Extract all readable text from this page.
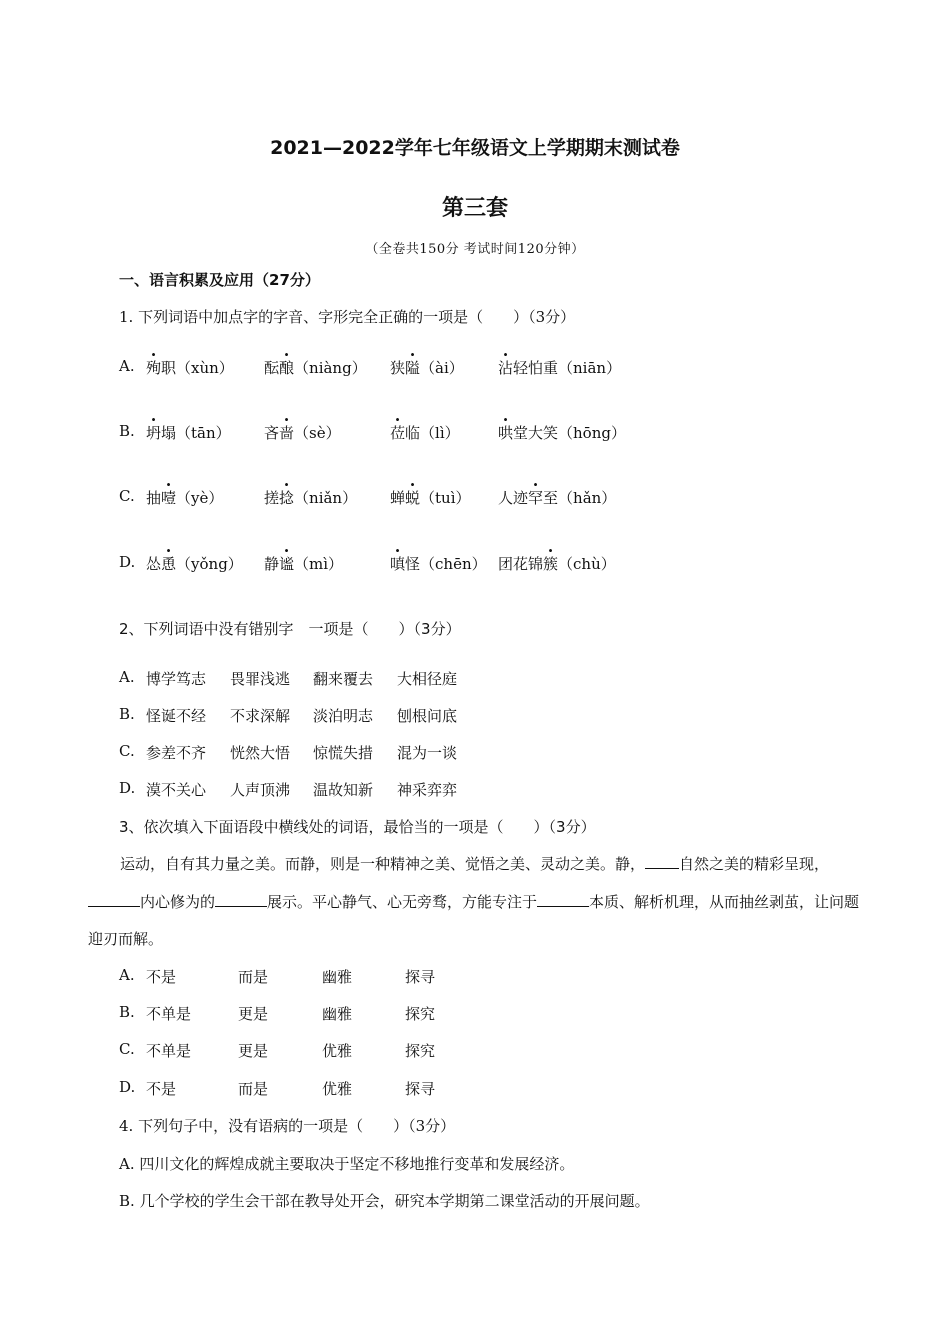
2021—2022学年七年级语文上学期期末测试卷
第三套
（全卷共150分 考试时间120分钟）
一、语言积累及应用（27分）
1. 下列词语中加点字的字音、字形完全正确的一项是（　　）（3分）
A. 殉职（xùn） 酝酿（niàng） 狭隘（ài） 沾轻怕重（niān）
B. 坍塌（tān） 吝啬（sè）	莅临（lì）	哄堂大笑（hōng）
C. 抽噎（yè）	搓捻（niǎn） 蝉蜕（tuì） 人迹罕至（hǎn）
D. 怂恿（yǒng） 静谧（mì）	嗔怪（chēn） 团花锦簇（chù）
2、下列词语中没有错别字　一项是（　　）（3分）
A. 博学笃志 畏罪浅逃 翻来覆去 大相径庭
B. 怪诞不经 不求深解 淡泊明志 刨根问底
C. 参差不齐 恍然大悟 惊慌失措 混为一谈
D. 漠不关心 人声顶沸 温故知新 神采弈弈
3、依次填入下面语段中横线处的词语，最恰当的一项是（　　）（3分）
运动，自有其力量之美。而静，则是一种精神之美、觉悟之美、灵动之美。静， 自然之美的精彩呈现，内心修为的	展示。平心静气、心无旁骛，方能专注于	本质、解析机理，从而抽丝剥茧，让问题迎刃而解。
A. 不是	而是	幽雅	探寻
B. 不单是	更是	幽雅	探究
C. 不单是	更是	优雅	探究
D. 不是	而是	优雅	探寻
4. 下列句子中，没有语病的一项是（　　）（3分）
A. 四川文化的辉煌成就主要取决于坚定不移地推行变革和发展经济。
B. 几个学校的学生会干部在教导处开会，研究本学期第二课堂活动的开展问题。
